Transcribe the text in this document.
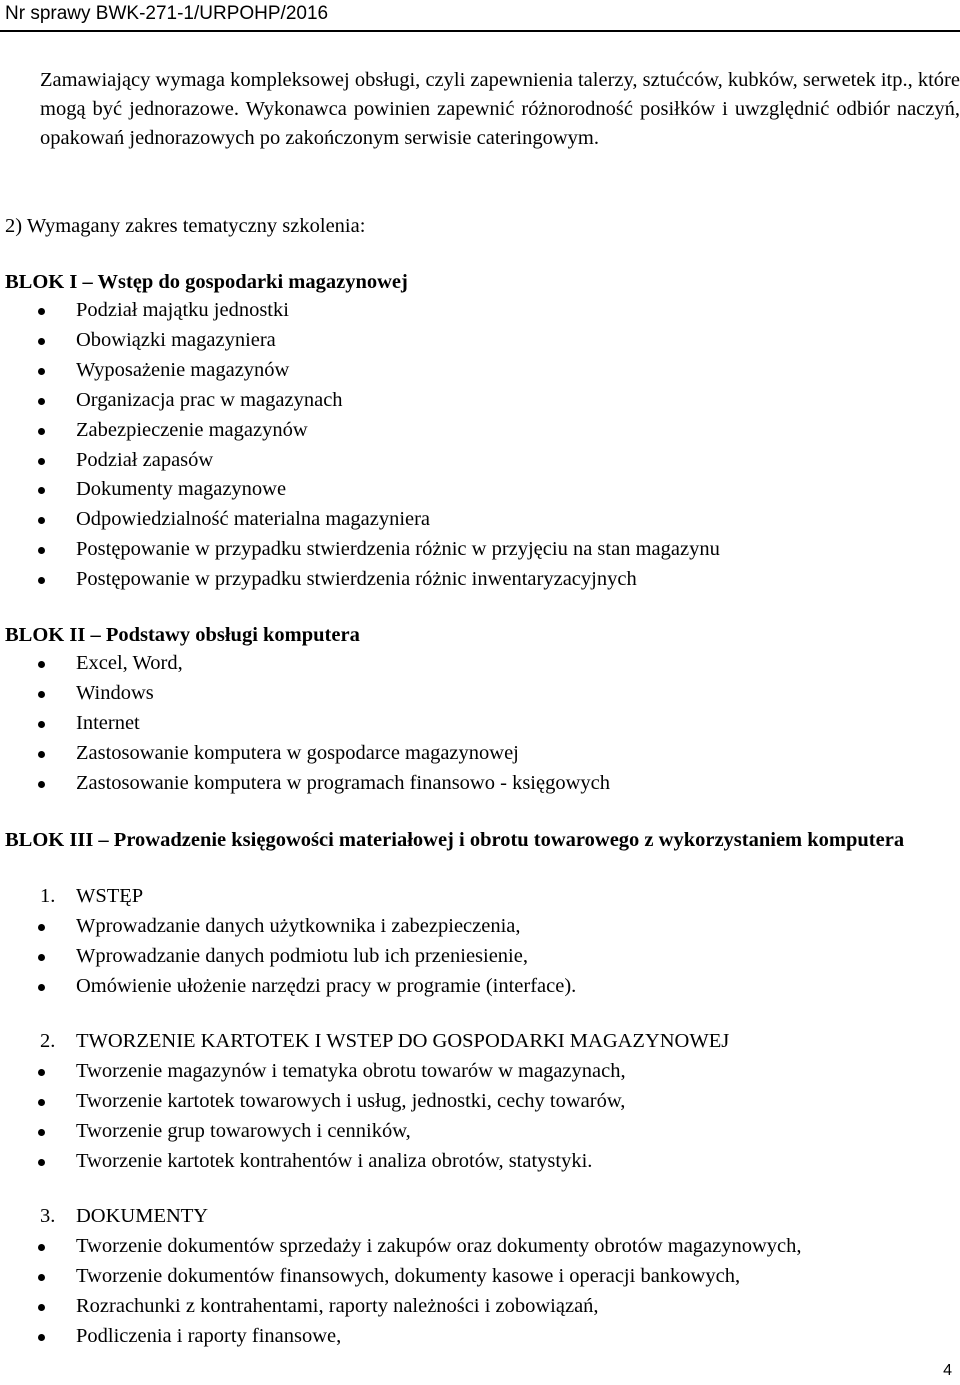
Nr sprawy BWK-271-1/URPOHP/2016

Zamawiający wymaga kompleksowej obsługi, czyli zapewnienia talerzy, sztućców, kubków, serwetek itp., które mogą być jednorazowe. Wykonawca powinien zapewnić różnorodność posiłków i uwzględnić odbiór naczyń, opakowań jednorazowych po zakończonym serwisie cateringowym.

2) Wymagany zakres tematyczny szkolenia:

BLOK I – Wstęp do gospodarki magazynowej

Podział majątku jednostki
Obowiązki magazyniera
Wyposażenie magazynów
Organizacja prac w magazynach
Zabezpieczenie magazynów
Podział zapasów
Dokumenty magazynowe
Odpowiedzialność materialna magazyniera
Postępowanie w przypadku stwierdzenia różnic w przyjęciu na stan magazynu
Postępowanie w przypadku stwierdzenia różnic inwentaryzacyjnych

BLOK II – Podstawy obsługi komputera

Excel, Word,
Windows
Internet
Zastosowanie komputera w gospodarce magazynowej
Zastosowanie komputera w programach finansowo - księgowych

BLOK III – Prowadzenie księgowości materiałowej i obrotu towarowego z wykorzystaniem komputera

1. WSTĘP

Wprowadzanie danych użytkownika i zabezpieczenia,
Wprowadzanie danych podmiotu lub ich przeniesienie,
Omówienie ułożenie narzędzi pracy w programie (interface).

2. TWORZENIE KARTOTEK I WSTEP DO GOSPODARKI MAGAZYNOWEJ

Tworzenie magazynów i tematyka obrotu towarów w magazynach,
Tworzenie kartotek towarowych i usług, jednostki, cechy towarów,
Tworzenie grup towarowych i cenników,
Tworzenie kartotek kontrahentów i analiza obrotów, statystyki.

3. DOKUMENTY

Tworzenie dokumentów sprzedaży i zakupów oraz dokumenty obrotów magazynowych,
Tworzenie dokumentów finansowych, dokumenty kasowe i operacji bankowych,
Rozrachunki z kontrahentami, raporty należności i zobowiązań,
Podliczenia i raporty finansowe,
4
